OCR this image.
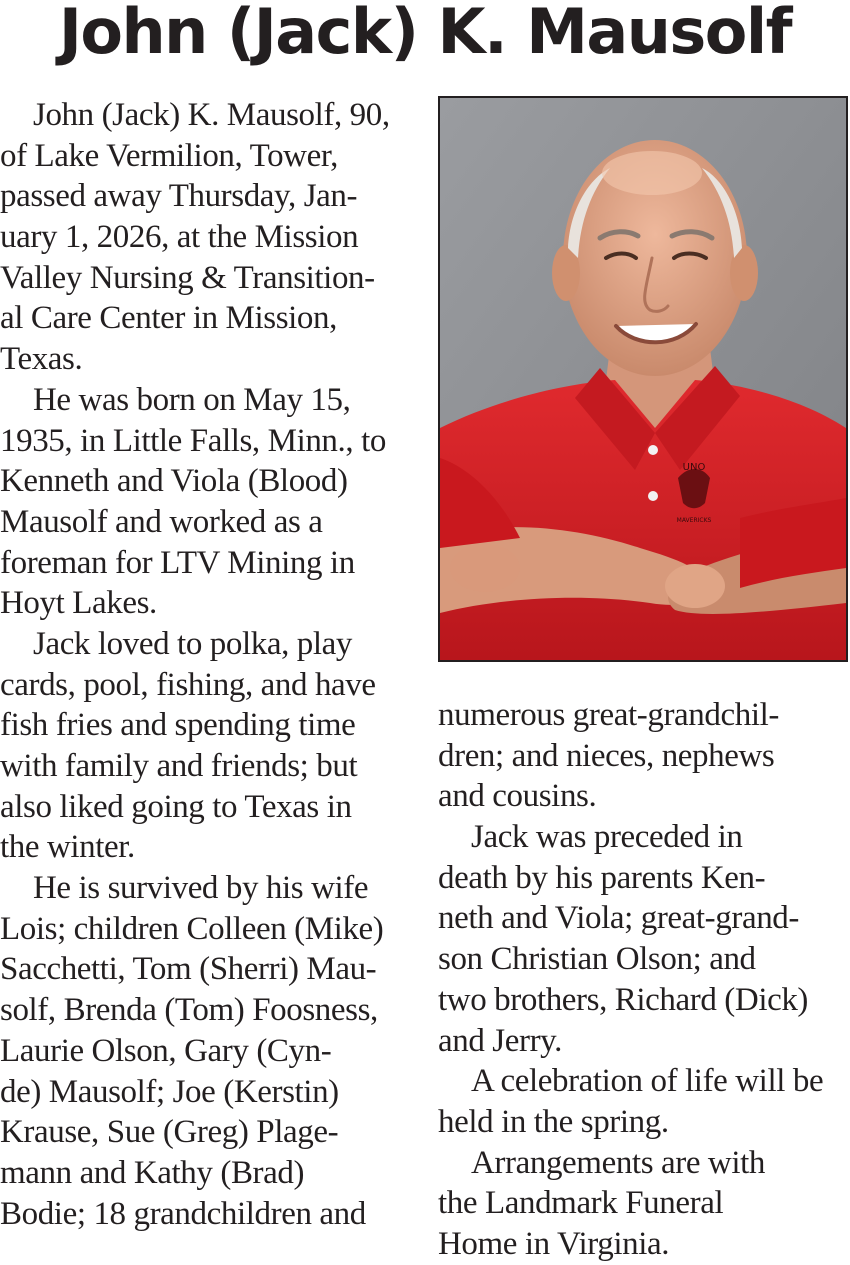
John (Jack) K. Mausolf
John (Jack) K. Mausolf, 90,
of Lake Vermilion, Tower,
passed away Thursday, Jan-
uary 1, 2026, at the Mission
Valley Nursing & Transition-
al Care Center in Mission,
Texas.
He was born on May 15,
1935, in Little Falls, Minn., to
Kenneth and Viola (Blood)
Mausolf and worked as a
foreman for LTV Mining in
Hoyt Lakes.
Jack loved to polka, play
cards, pool, fishing, and have
fish fries and spending time
with family and friends; but
also liked going to Texas in
the winter.
He is survived by his wife
Lois; children Colleen (Mike)
Sacchetti, Tom (Sherri) Mau-
solf, Brenda (Tom) Foosness,
Laurie Olson, Gary (Cyn-
de) Mausolf; Joe (Kerstin)
Krause, Sue (Greg) Plage-
mann and Kathy (Brad)
Bodie; 18 grandchildren and
UNO
MAVERICKS
numerous great-grandchil-
dren; and nieces, nephews
and cousins.
Jack was preceded in
death by his parents Ken-
neth and Viola; great-grand-
son Christian Olson; and
two brothers, Richard (Dick)
and Jerry.
A celebration of life will be
held in the spring.
Arrangements are with
the Landmark Funeral
Home in Virginia.
